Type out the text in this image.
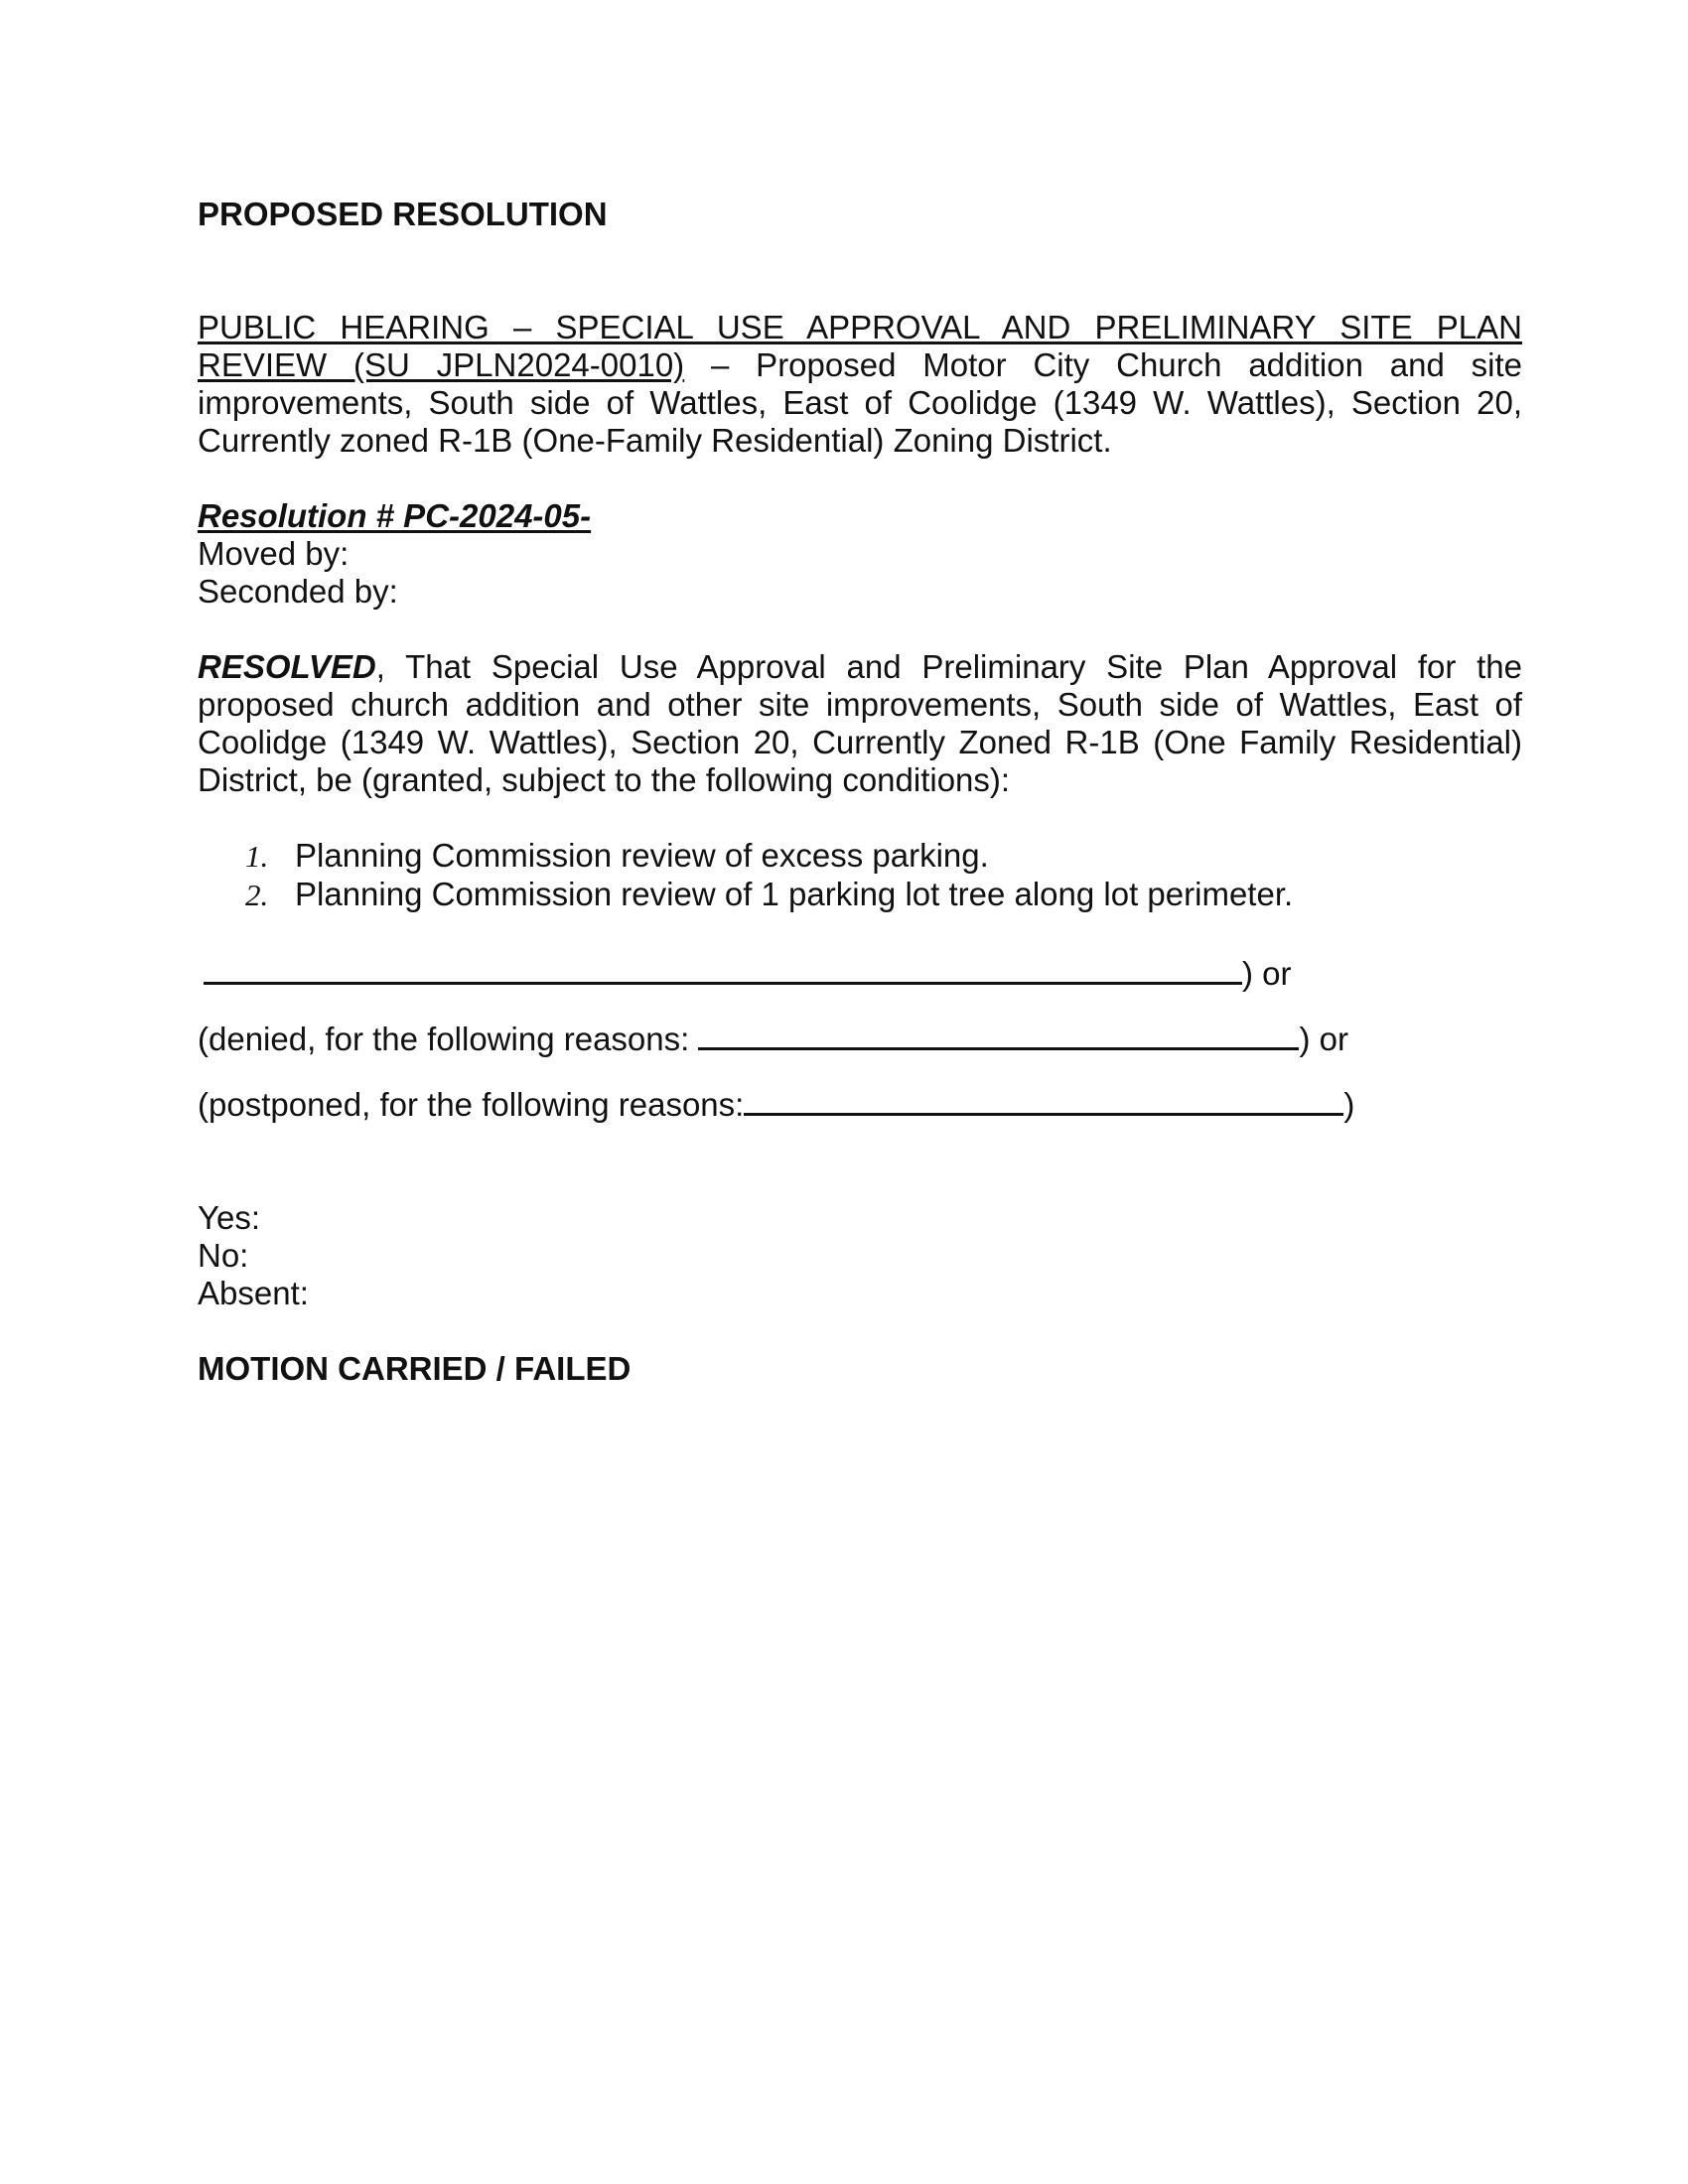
PROPOSED RESOLUTION
PUBLIC HEARING – SPECIAL USE APPROVAL AND PRELIMINARY SITE PLAN
REVIEW (SU JPLN2024-0010) – Proposed Motor City Church addition and site improvements, South side of Wattles, East of Coolidge (1349 W. Wattles), Section 20, Currently zoned R-1B (One-Family Residential) Zoning District.
Resolution # PC-2024-05-
Moved by:
Seconded by:
RESOLVED, That Special Use Approval and Preliminary Site Plan Approval for the proposed church addition and other site improvements, South side of Wattles, East of Coolidge (1349 W. Wattles), Section 20, Currently Zoned R-1B (One Family Residential) District, be (granted, subject to the following conditions):
1. Planning Commission review of excess parking.
2. Planning Commission review of 1 parking lot tree along lot perimeter.
) or
(denied, for the following reasons:	) or
(postponed, for the following reasons:	)
Yes:
No:
Absent:
MOTION CARRIED / FAILED
